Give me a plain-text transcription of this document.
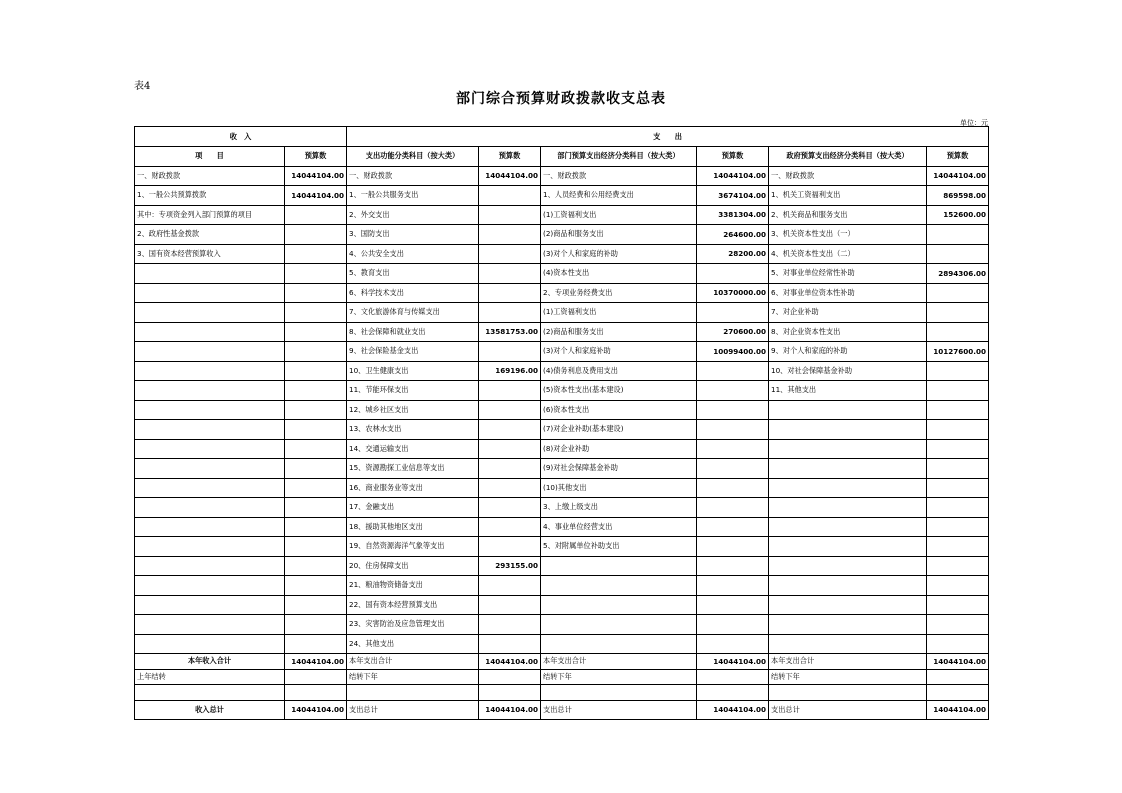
表4
部门综合预算财政拨款收支总表
单位：元
收　入		支　　出					
项　　目	预算数	支出功能分类科目（按大类）	预算数	部门预算支出经济分类科目（按大类）	预算数	政府预算支出经济分类科目（按大类）	预算数
一、财政拨款	14044104.00	一、财政拨款	14044104.00	一、财政拨款	14044104.00	一、财政拨款	14044104.00
1、一般公共预算拨款	14044104.00	1、一般公共服务支出		1、人员经费和公用经费支出	3674104.00	1、机关工资福利支出	869598.00
其中：专项资金列入部门预算的项目		2、外交支出		(1)工资福利支出	3381304.00	2、机关商品和服务支出	152600.00
2、政府性基金拨款		3、国防支出		(2)商品和服务支出	264600.00	3、机关资本性支出（一）	
3、国有资本经营预算收入		4、公共安全支出		(3)对个人和家庭的补助	28200.00	4、机关资本性支出（二）	
		5、教育支出		(4)资本性支出		5、对事业单位经常性补助	2894306.00
		6、科学技术支出		2、专项业务经费支出	10370000.00	6、对事业单位资本性补助	
		7、文化旅游体育与传媒支出		(1)工资福利支出		7、对企业补助	
		8、社会保障和就业支出	13581753.00	(2)商品和服务支出	270600.00	8、对企业资本性支出	
		9、社会保险基金支出		(3)对个人和家庭补助	10099400.00	9、对个人和家庭的补助	10127600.00
		10、卫生健康支出	169196.00	(4)债务利息及费用支出		10、对社会保障基金补助	
		11、节能环保支出		(5)资本性支出(基本建设)		11、其他支出	
		12、城乡社区支出		(6)资本性支出			
		13、农林水支出		(7)对企业补助(基本建设)			
		14、交通运输支出		(8)对企业补助			
		15、资源勘探工业信息等支出		(9)对社会保障基金补助			
		16、商业服务业等支出		(10)其他支出			
		17、金融支出		3、上缴上级支出			
		18、援助其他地区支出		4、事业单位经营支出			
		19、自然资源海洋气象等支出		5、对附属单位补助支出			
		20、住房保障支出	293155.00				
		21、粮油物资储备支出					
		22、国有资本经营预算支出					
		23、灾害防治及应急管理支出					
		24、其他支出					
本年收入合计	14044104.00	本年支出合计	14044104.00	本年支出合计	14044104.00	本年支出合计	14044104.00
上年结转		结转下年		结转下年		结转下年	

收入总计	14044104.00	支出总计	14044104.00	支出总计	14044104.00	支出总计	14044104.00
